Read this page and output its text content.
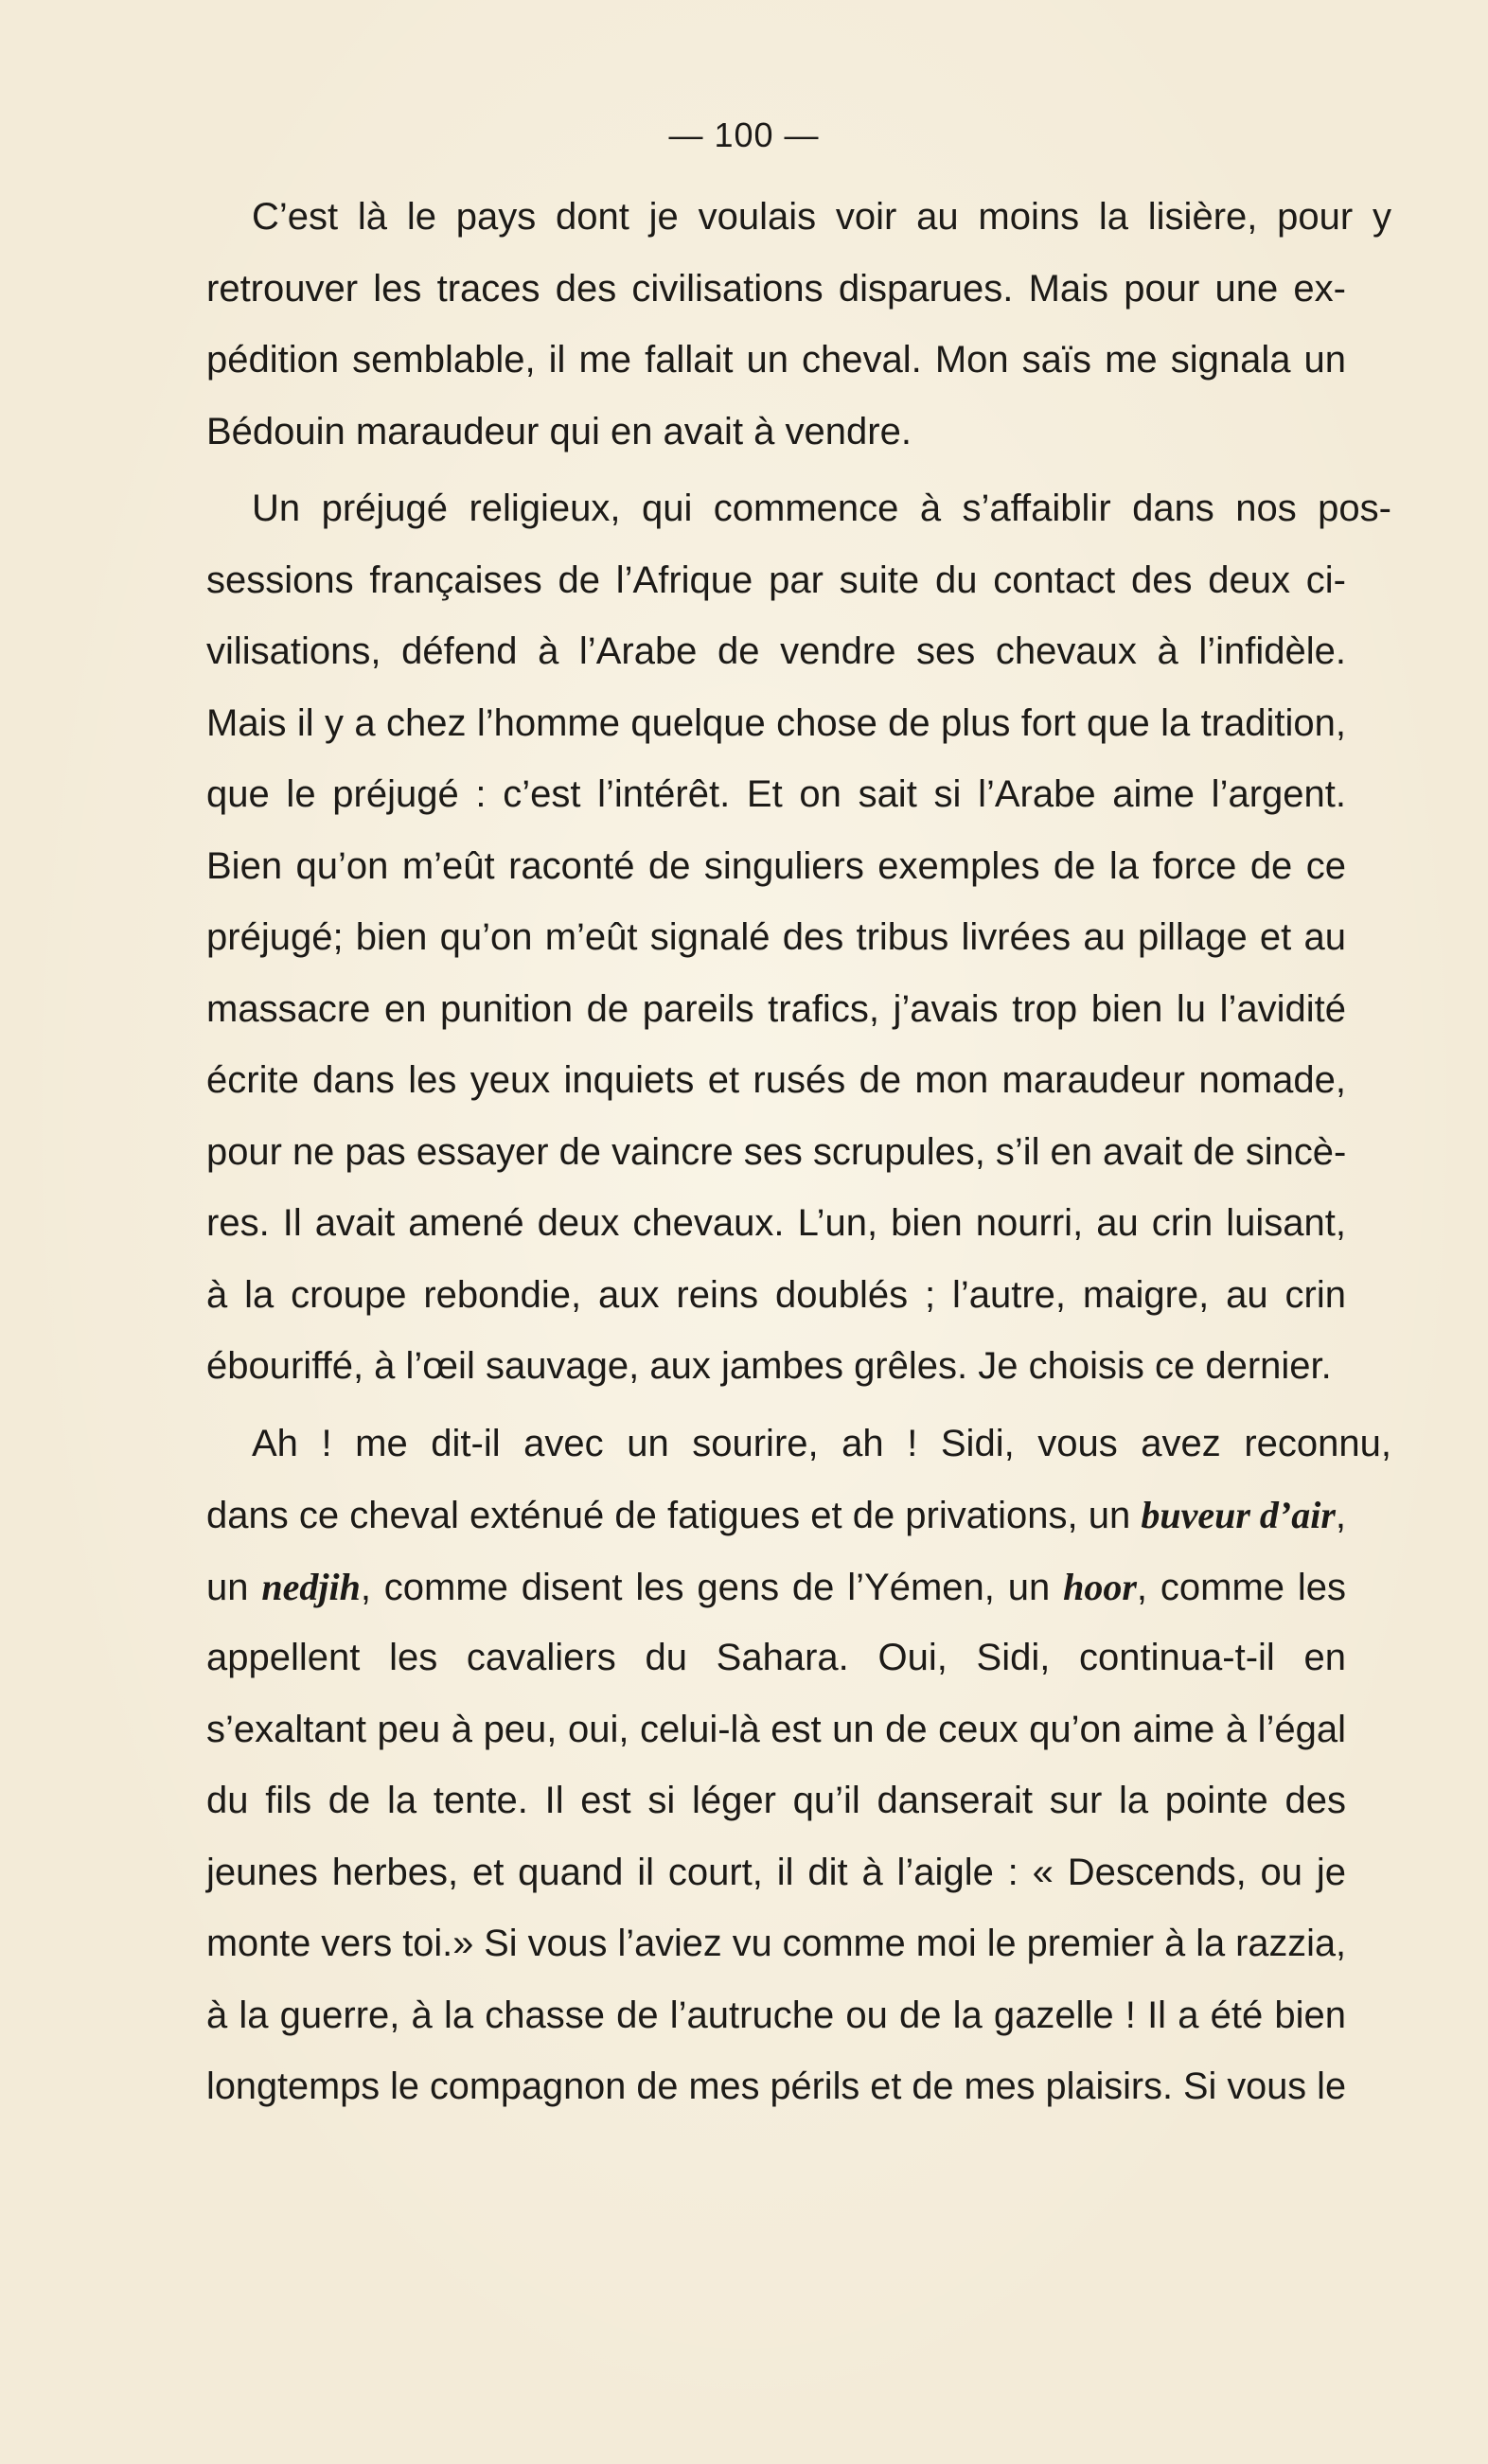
— 100 —
C’est là le pays dont je voulais voir au moins la lisière, pour y
retrouver les traces des civilisations disparues. Mais pour une ex-
pédition semblable, il me fallait un cheval. Mon saïs me signala un
Bédouin maraudeur qui en avait à vendre.
Un préjugé religieux, qui commence à s’affaiblir dans nos pos-
sessions françaises de l’Afrique par suite du contact des deux ci-
vilisations, défend à l’Arabe de vendre ses chevaux à l’infidèle.
Mais il y a chez l’homme quelque chose de plus fort que la tradition,
que le préjugé : c’est l’intérêt. Et on sait si l’Arabe aime l’argent.
Bien qu’on m’eût raconté de singuliers exemples de la force de ce
préjugé; bien qu’on m’eût signalé des tribus livrées au pillage et au
massacre en punition de pareils trafics, j’avais trop bien lu l’avidité
écrite dans les yeux inquiets et rusés de mon maraudeur nomade,
pour ne pas essayer de vaincre ses scrupules, s’il en avait de sincè-
res. Il avait amené deux chevaux. L’un, bien nourri, au crin luisant,
à la croupe rebondie, aux reins doublés ; l’autre, maigre, au crin
ébouriffé, à l’œil sauvage, aux jambes grêles. Je choisis ce dernier.
Ah ! me dit-il avec un sourire, ah ! Sidi, vous avez reconnu,
dans ce cheval exténué de fatigues et de privations, un buveur d’air,
un nedjih, comme disent les gens de l’Yémen, un hoor, comme les
appellent les cavaliers du Sahara. Oui, Sidi, continua-t-il en
s’exaltant peu à peu, oui, celui-là est un de ceux qu’on aime à l’égal
du fils de la tente. Il est si léger qu’il danserait sur la pointe des
jeunes herbes, et quand il court, il dit à l’aigle : « Descends, ou je
monte vers toi.» Si vous l’aviez vu comme moi le premier à la razzia,
à la guerre, à la chasse de l’autruche ou de la gazelle ! Il a été bien
longtemps le compagnon de mes périls et de mes plaisirs. Si vous le
